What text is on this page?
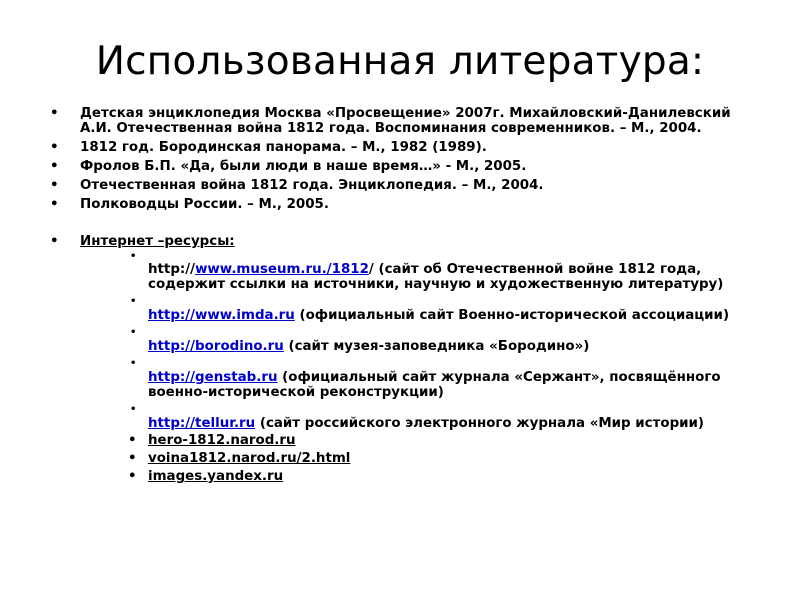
Использованная литература:
• Детская энциклопедия Москва «Просвещение» 2007г. Михайловский-Данилевский А.И. Отечественная война 1812 года. Воспоминания современников. – М., 2004.
• 1812 год. Бородинская панорама. – М., 1982 (1989).
• Фролов Б.П. «Да, были люди в наше время…» - М., 2005.
• Отечественная война 1812 года. Энциклопедия. – М., 2004.
• Полководцы России. – М., 2005.
• Интернет –ресурсы:
•
http://www.museum.ru./1812/ (сайт об Отечественной войне 1812 года, содержит ссылки на источники, научную и художественную литературу)
•
http://www.imda.ru (официальный сайт Военно-исторической ассоциации)
•
http://borodino.ru (сайт музея-заповедника «Бородино»)
•
http://genstab.ru (официальный сайт журнала «Сержант», посвящённого военно-исторической реконструкции)
•
http://tellur.ru (сайт российского электронного журнала «Мир истории)
• hero-1812.narod.ru
• voina1812.narod.ru/2.html
• images.yandex.ru
